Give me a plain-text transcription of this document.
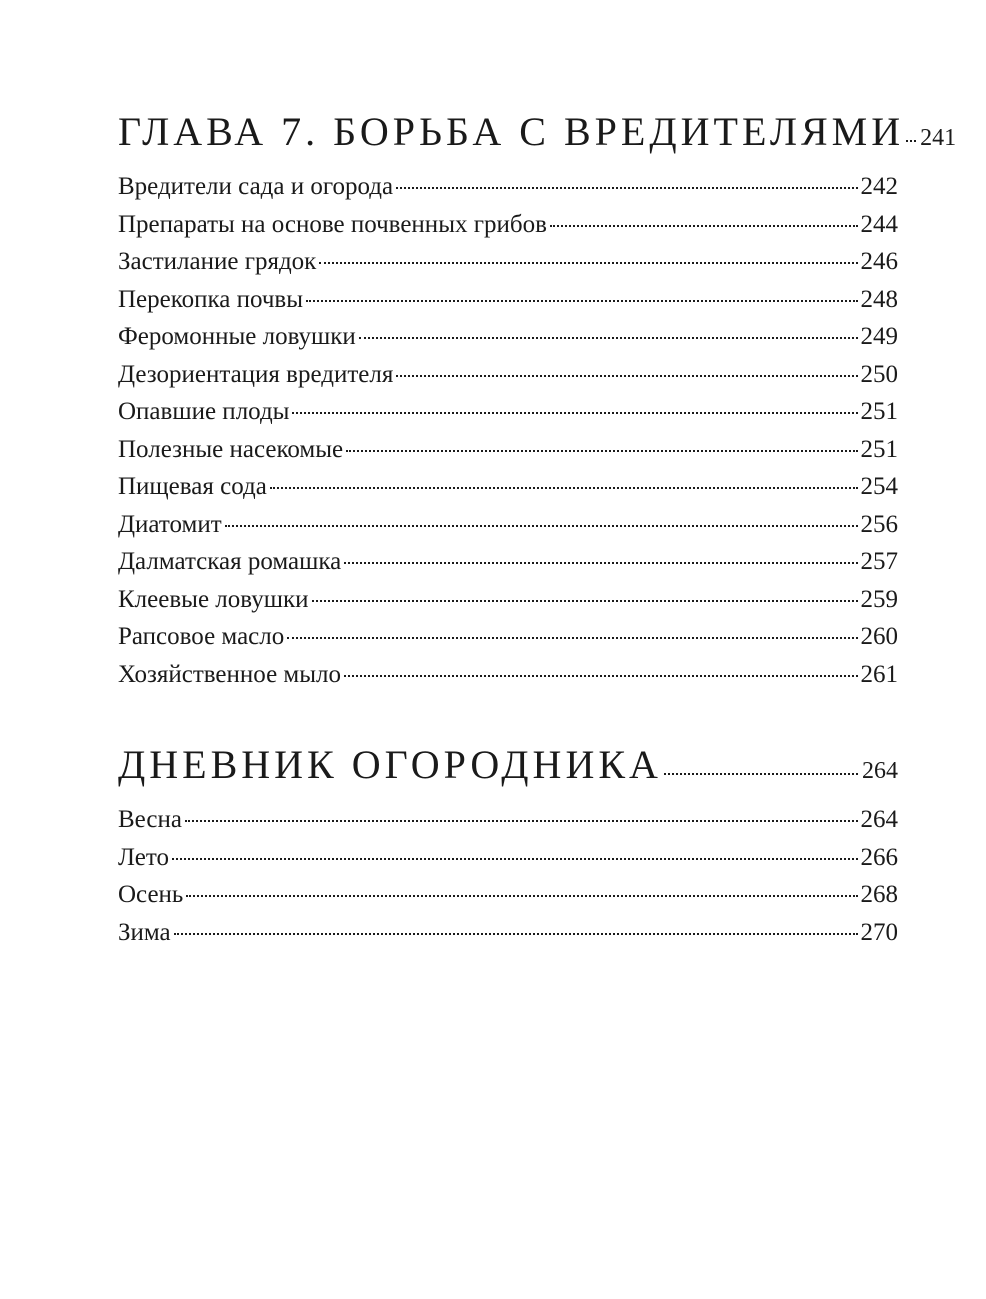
ГЛАВА 7. БОРЬБА С ВРЕДИТЕЛЯМИ 241
Вредители сада и огорода	242
Препараты на основе почвенных грибов	244
Застилание грядок	246
Перекопка почвы	248
Феромонные ловушки	249
Дезориентация вредителя	250
Опавшие плоды	251
Полезные насекомые	251
Пищевая сода	254
Диатомит	256
Далматская ромашка	257
Клеевые ловушки	259
Рапсовое масло	260
Хозяйственное мыло	261
ДНЕВНИК ОГОРОДНИКА	264
Весна	264
Лето	266
Осень	268
Зима	270
